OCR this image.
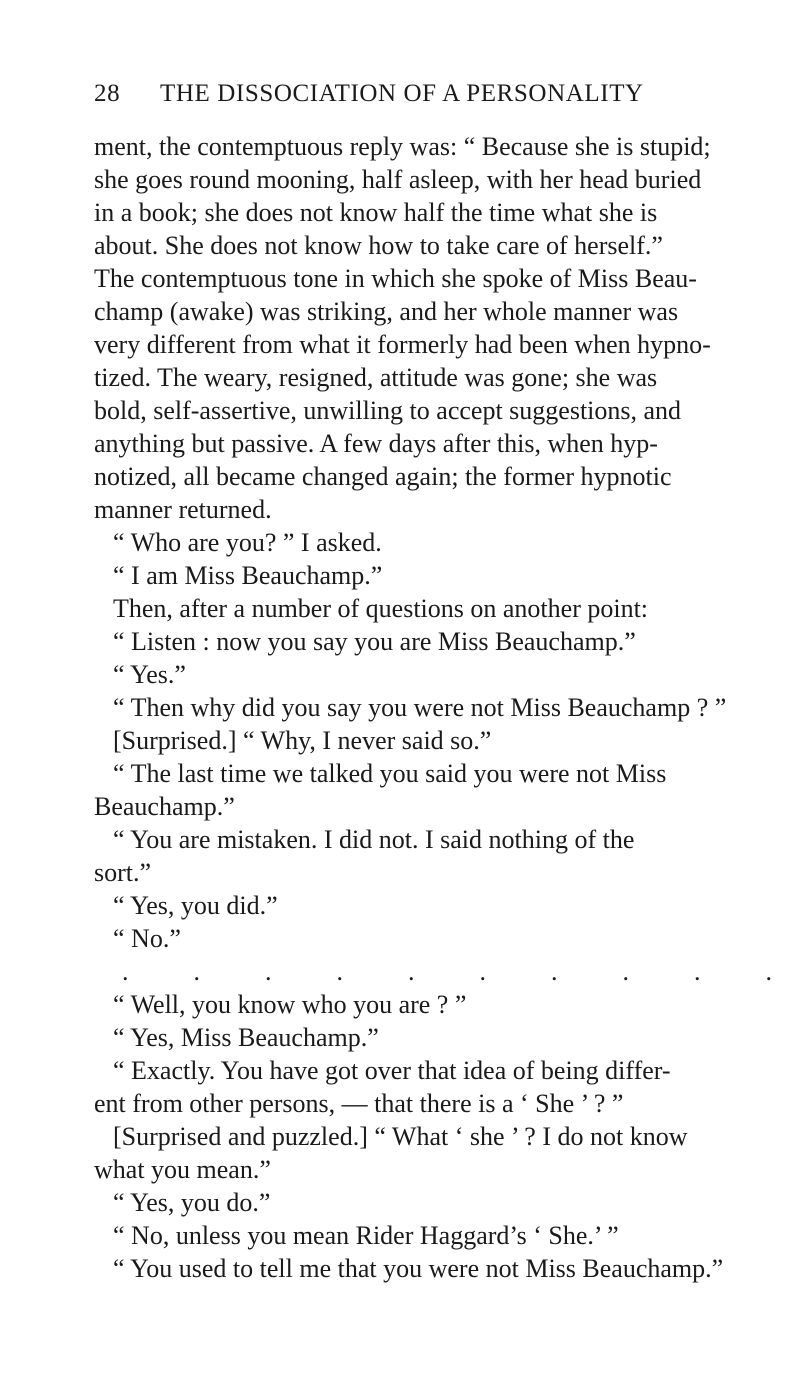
28 THE DISSOCIATION OF A PERSONALITY
ment, the contemptuous reply was: “ Because she is stupid;
she goes round mooning, half asleep, with her head buried
in a book; she does not know half the time what she is
about. She does not know how to take care of herself.”
The contemptuous tone in which she spoke of Miss Beau-
champ (awake) was striking, and her whole manner was
very different from what it formerly had been when hypno-
tized. The weary, resigned, attitude was gone; she was
bold, self-assertive, unwilling to accept suggestions, and
anything but passive. A few days after this, when hyp-
notized, all became changed again; the former hypnotic
manner returned.
“ Who are you? ” I asked.
“ I am Miss Beauchamp.”
Then, after a number of questions on another point:
“ Listen : now you say you are Miss Beauchamp.”
“ Yes.”
“ Then why did you say you were not Miss Beauchamp ? ”
[Surprised.] “ Why, I never said so.”
“ The last time we talked you said you were not Miss
Beauchamp.”
“ You are mistaken. I did not. I said nothing of the
sort.”
“ Yes, you did.”
“ No.”
.          .          .          .          .          .          .          .          .          .
“ Well, you know who you are ? ”
“ Yes, Miss Beauchamp.”
“ Exactly. You have got over that idea of being differ-
ent from other persons, — that there is a ‘ She ’ ? ”
[Surprised and puzzled.] “ What ‘ she ’ ? I do not know
what you mean.”
“ Yes, you do.”
“ No, unless you mean Rider Haggard’s ‘ She.’ ”
“ You used to tell me that you were not Miss Beauchamp.”
